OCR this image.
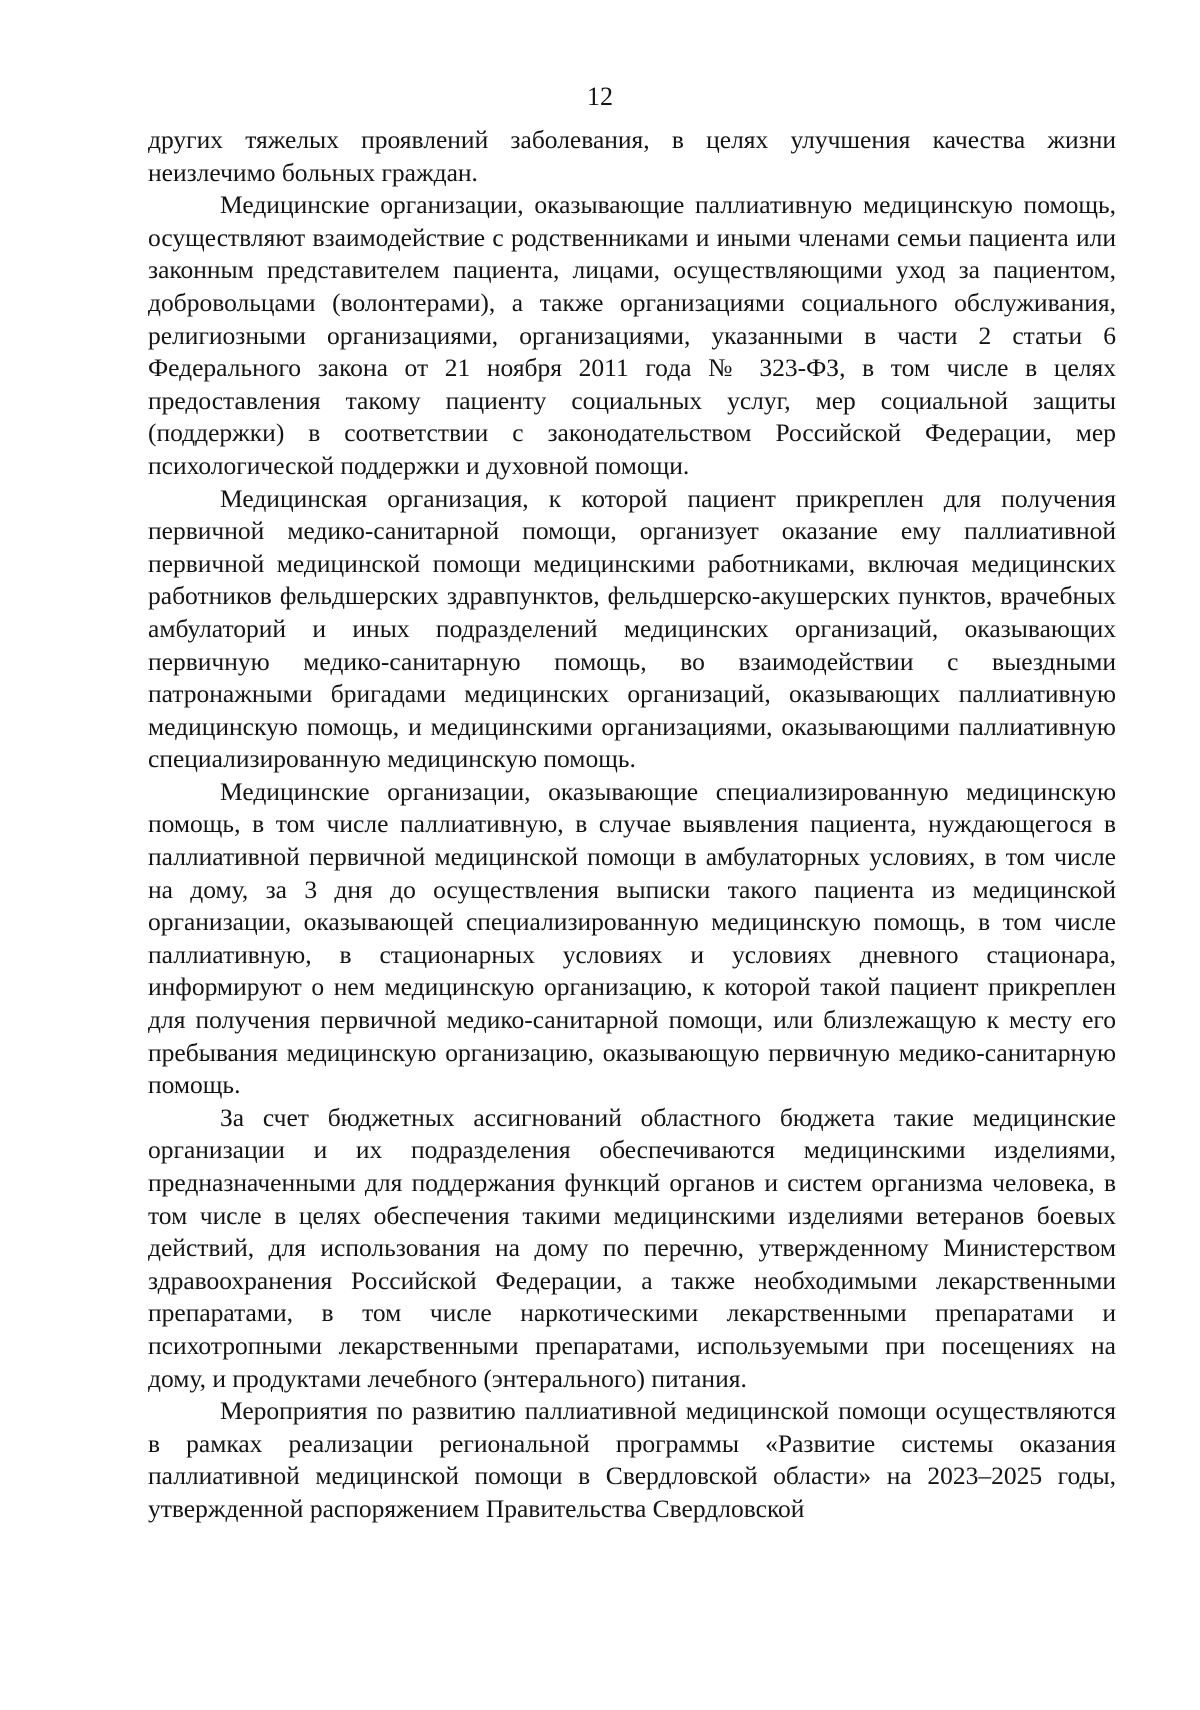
12

других тяжелых проявлений заболевания, в целях улучшения качества жизни неизлечимо больных граждан.

Медицинские организации, оказывающие паллиативную медицинскую помощь, осуществляют взаимодействие с родственниками и иными членами семьи пациента или законным представителем пациента, лицами, осуществляющими уход за пациентом, добровольцами (волонтерами), а также организациями социального обслуживания, религиозными организациями, организациями, указанными в части 2 статьи 6 Федерального закона от 21 ноября 2011 года № 323-ФЗ, в том числе в целях предоставления такому пациенту социальных услуг, мер социальной защиты (поддержки) в соответствии с законодательством Российской Федерации, мер психологической поддержки и духовной помощи.

Медицинская организация, к которой пациент прикреплен для получения первичной медико-санитарной помощи, организует оказание ему паллиативной первичной медицинской помощи медицинскими работниками, включая медицинских работников фельдшерских здравпунктов, фельдшерско-акушерских пунктов, врачебных амбулаторий и иных подразделений медицинских организаций, оказывающих первичную медико-санитарную помощь, во взаимодействии с выездными патронажными бригадами медицинских организаций, оказывающих паллиативную медицинскую помощь, и медицинскими организациями, оказывающими паллиативную специализированную медицинскую помощь.

Медицинские организации, оказывающие специализированную медицинскую помощь, в том числе паллиативную, в случае выявления пациента, нуждающегося в паллиативной первичной медицинской помощи в амбулаторных условиях, в том числе на дому, за 3 дня до осуществления выписки такого пациента из медицинской организации, оказывающей специализированную медицинскую помощь, в том числе паллиативную, в стационарных условиях и условиях дневного стационара, информируют о нем медицинскую организацию, к которой такой пациент прикреплен для получения первичной медико-санитарной помощи, или близлежащую к месту его пребывания медицинскую организацию, оказывающую первичную медико-санитарную помощь.

За счет бюджетных ассигнований областного бюджета такие медицинские организации и их подразделения обеспечиваются медицинскими изделиями, предназначенными для поддержания функций органов и систем организма человека, в том числе в целях обеспечения такими медицинскими изделиями ветеранов боевых действий, для использования на дому по перечню, утвержденному Министерством здравоохранения Российской Федерации, а также необходимыми лекарственными препаратами, в том числе наркотическими лекарственными препаратами и психотропными лекарственными препаратами, используемыми при посещениях на дому, и продуктами лечебного (энтерального) питания.

Мероприятия по развитию паллиативной медицинской помощи осуществляются в рамках реализации региональной программы «Развитие системы оказания паллиативной медицинской помощи в Свердловской области» на 2023–2025 годы, утвержденной распоряжением Правительства Свердловской
